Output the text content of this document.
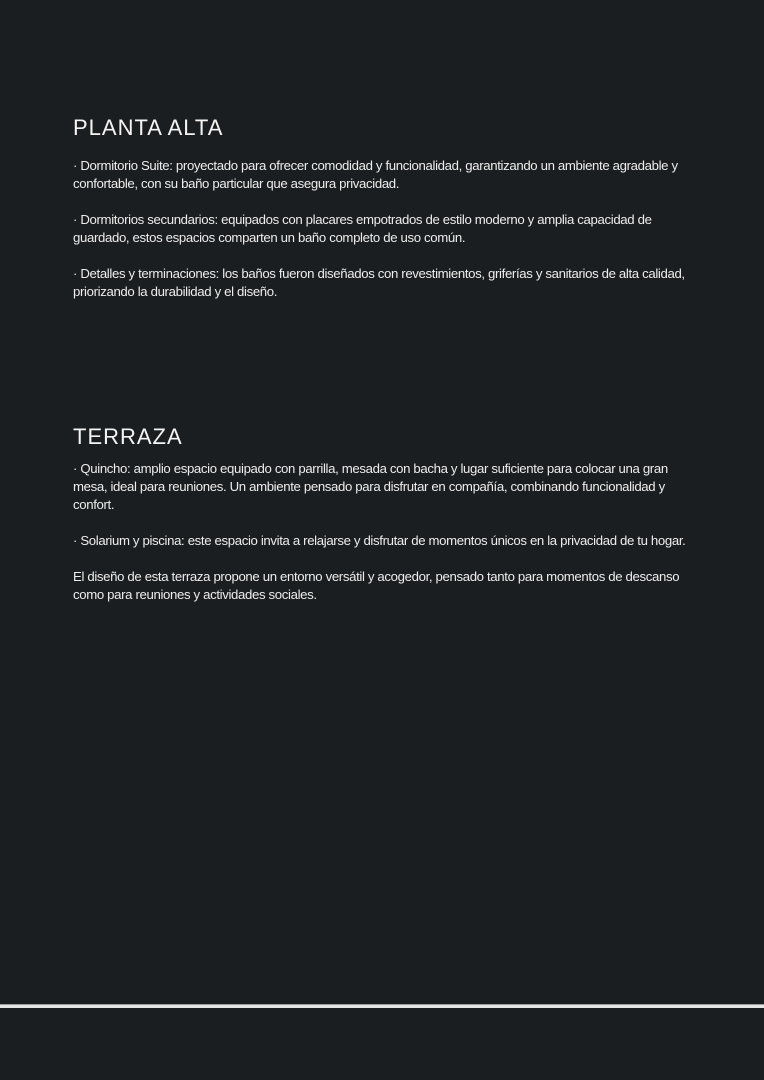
PLANTA ALTA

· Dormitorio Suite: proyectado para ofrecer comodidad y funcionalidad, garantizando un ambiente agradable y confortable, con su baño particular que asegura privacidad.

· Dormitorios secundarios: equipados con placares empotrados de estilo moderno y amplia capacidad de guardado, estos espacios comparten un baño completo de uso común.

· Detalles y terminaciones: los baños fueron diseñados con revestimientos, griferías y sanitarios de alta calidad, priorizando la durabilidad y el diseño.

TERRAZA

· Quincho: amplio espacio equipado con parrilla, mesada con bacha y lugar suficiente para colocar una gran mesa, ideal para reuniones. Un ambiente pensado para disfrutar en compañía, combinando funcionalidad y confort.

· Solarium y piscina: este espacio invita a relajarse y disfrutar de momentos únicos en la privacidad de tu hogar.

El diseño de esta terraza propone un entorno versátil y acogedor, pensado tanto para momentos de descanso como para reuniones y actividades sociales.
